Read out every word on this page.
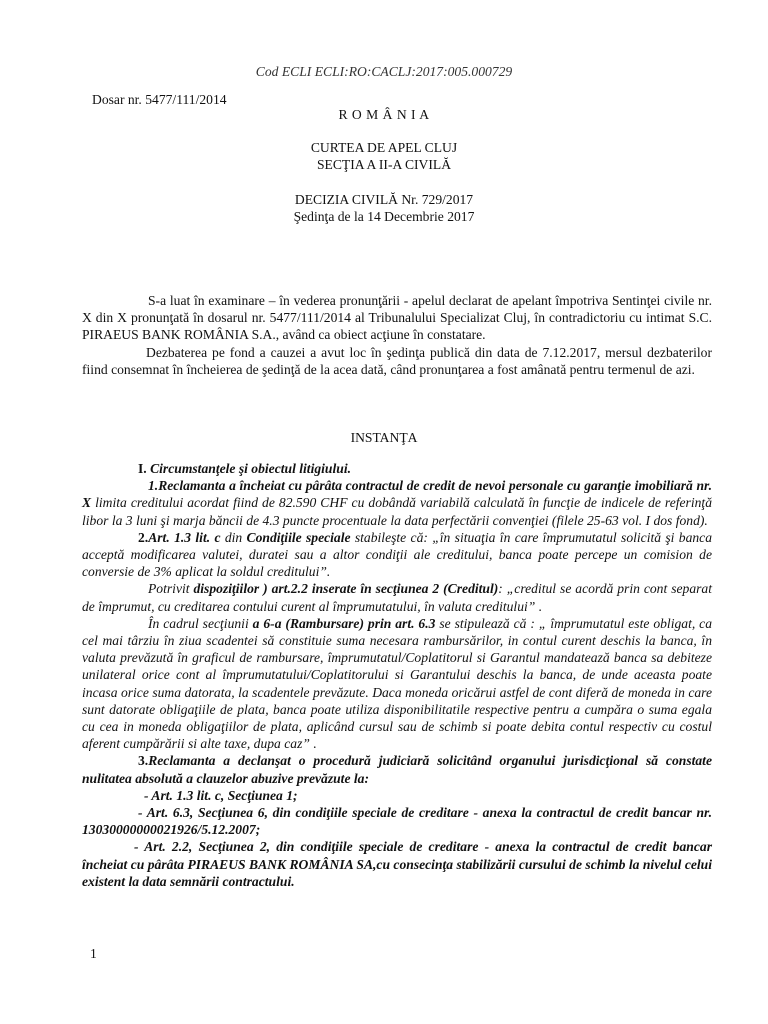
Cod ECLI ECLI:RO:CACLJ:2017:005.000729
Dosar nr. 5477/111/2014
R O M Â N I A
CURTEA DE APEL CLUJ
SECŢIA A II-A CIVILĂ
DECIZIA CIVILĂ Nr. 729/2017
Şedinţa de la 14 Decembrie 2017

S-a luat în examinare – în vederea pronunţării - apelul declarat de apelant împotriva Sentinţei civile nr. X din X pronunţată în dosarul nr. 5477/111/2014 al Tribunalului Specializat Cluj, în contradictoriu cu intimat S.C. PIRAEUS BANK ROMÂNIA S.A., având ca obiect acţiune în constatare.

Dezbaterea pe fond a cauzei a avut loc în şedinţa publică din data de 7.12.2017, mersul dezbaterilor fiind consemnat în încheierea de şedinţă de la acea dată, când pronunţarea a fost amânată pentru termenul de azi.

INSTANŢA

I. Circumstanţele şi obiectul litigiului.

1.Reclamanta a încheiat cu pârâta contractul de credit de nevoi personale cu garanţie imobiliară nr. X limita creditului acordat fiind de 82.590 CHF cu dobândă variabilă calculată în funcţie de indicele de referinţă libor la 3 luni şi marja băncii de 4.3 puncte procentuale la data perfectării convenţiei (filele 25-63 vol. I dos fond).

2.Art. 1.3 lit. c din Condiţiile speciale stabileşte că: „în situaţia în care împrumutatul solicită şi banca acceptă modificarea valutei, duratei sau a altor condiţii ale creditului, banca poate percepe un comision de conversie de 3% aplicat la soldul creditului”.

Potrivit dispoziţiilor ) art.2.2 inserate în secţiunea 2 (Creditul): „creditul se acordă prin cont separat de împrumut, cu creditarea contului curent al împrumutatului, în valuta creditului” .

În cadrul secţiunii a 6-a (Rambursare) prin art. 6.3 se stipulează că : „ împrumutatul este obligat, ca cel mai târziu în ziua scadentei să constituie suma necesara rambursărilor, in contul curent deschis la banca, în valuta prevăzută în graficul de rambursare, împrumutatul/Coplatitorul si Garantul mandatează banca sa debiteze unilateral orice cont al împrumutatului/Coplatitorului si Garantului deschis la banca, de unde aceasta poate incasa orice suma datorata, la scadentele prevăzute. Daca moneda oricărui astfel de cont diferă de moneda in care sunt datorate obligaţiile de plata, banca poate utiliza disponibilitatile respective pentru a cumpăra o suma egala cu cea in moneda obligaţiilor de plata, aplicând cursul sau de schimb si poate debita contul respectiv cu costul aferent cumpărării si alte taxe, dupa caz” .

3.Reclamanta a declanşat o procedură judiciară solicitând organului jurisdicţional să constate nulitatea absolută a clauzelor abuzive prevăzute la:

- Art. 1.3 lit. c, Secţiunea 1;

- Art. 6.3, Secţiunea 6, din condiţiile speciale de creditare - anexa la contractul de credit bancar nr. 13030000000021926/5.12.2007;

- Art. 2.2, Secţiunea 2, din condiţiile speciale de creditare - anexa la contractul de credit bancar încheiat cu pârâta PIRAEUS BANK ROMÂNIA SA,cu consecinţa stabilizării cursului de schimb la nivelul celui existent la data semnării contractului.

1
